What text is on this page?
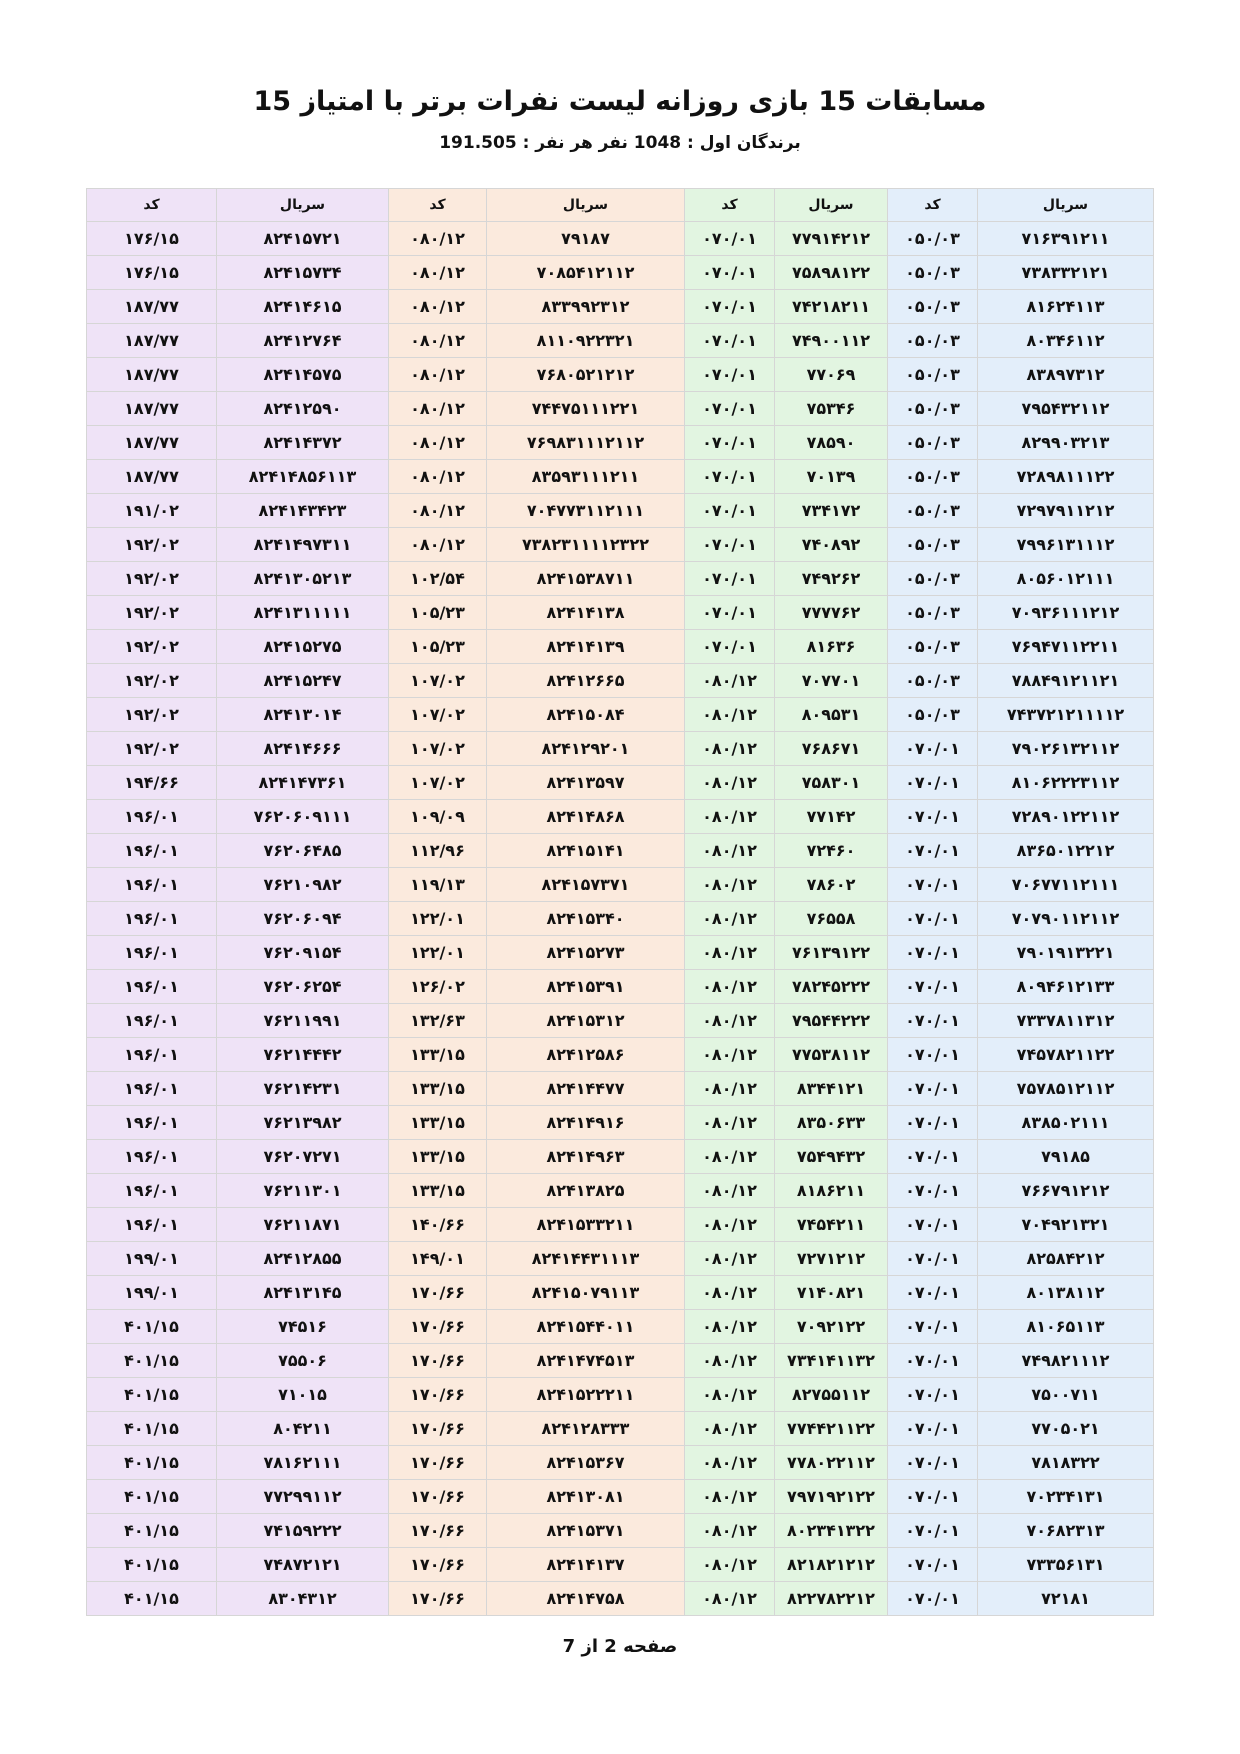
مسابقات 15 بازی روزانه لیست نفرات برتر با امتیاز 15
برندگان اول : 1048 نفر هر نفر : 191.505
سریال	کد	سریال	کد	سریال	کد	سریال	کد
۷۱۶۳۹۱۲۱۱	۰۵۰/۰۳	۷۷۹۱۴۲۱۲	۰۷۰/۰۱	۷۹۱۸۷	۰۸۰/۱۲	۸۲۴۱۵۷۲۱	۱۷۶/۱۵
۷۳۸۳۳۲۱۲۱	۰۵۰/۰۳	۷۵۸۹۸۱۲۲	۰۷۰/۰۱	۷۰۸۵۴۱۲۱۱۲	۰۸۰/۱۲	۸۲۴۱۵۷۳۴	۱۷۶/۱۵
۸۱۶۲۴۱۱۳	۰۵۰/۰۳	۷۴۲۱۸۲۱۱	۰۷۰/۰۱	۸۳۳۹۹۲۳۱۲	۰۸۰/۱۲	۸۲۴۱۴۶۱۵	۱۸۷/۷۷
۸۰۳۴۶۱۱۲	۰۵۰/۰۳	۷۴۹۰۰۱۱۲	۰۷۰/۰۱	۸۱۱۰۹۲۲۳۲۱	۰۸۰/۱۲	۸۲۴۱۲۷۶۴	۱۸۷/۷۷
۸۳۸۹۷۳۱۲	۰۵۰/۰۳	۷۷۰۶۹	۰۷۰/۰۱	۷۶۸۰۵۲۱۲۱۲	۰۸۰/۱۲	۸۲۴۱۴۵۷۵	۱۸۷/۷۷
۷۹۵۴۳۲۱۱۲	۰۵۰/۰۳	۷۵۳۴۶	۰۷۰/۰۱	۷۴۴۷۵۱۱۱۲۲۱	۰۸۰/۱۲	۸۲۴۱۲۵۹۰	۱۸۷/۷۷
۸۲۹۹۰۳۲۱۳	۰۵۰/۰۳	۷۸۵۹۰	۰۷۰/۰۱	۷۶۹۸۳۱۱۱۲۱۱۲	۰۸۰/۱۲	۸۲۴۱۴۳۷۲	۱۸۷/۷۷
۷۲۸۹۸۱۱۱۲۲	۰۵۰/۰۳	۷۰۱۳۹	۰۷۰/۰۱	۸۳۵۹۳۱۱۱۲۱۱	۰۸۰/۱۲	۸۲۴۱۴۸۵۶۱۱۳	۱۸۷/۷۷
۷۲۹۷۹۱۱۲۱۲	۰۵۰/۰۳	۷۳۴۱۷۲	۰۷۰/۰۱	۷۰۴۷۷۳۱۱۲۱۱۱	۰۸۰/۱۲	۸۲۴۱۴۳۴۲۳	۱۹۱/۰۲
۷۹۹۶۱۳۱۱۱۲	۰۵۰/۰۳	۷۴۰۸۹۲	۰۷۰/۰۱	۷۳۸۲۳۱۱۱۱۲۳۲۲	۰۸۰/۱۲	۸۲۴۱۴۹۷۳۱۱	۱۹۲/۰۲
۸۰۵۶۰۱۲۱۱۱	۰۵۰/۰۳	۷۴۹۲۶۲	۰۷۰/۰۱	۸۲۴۱۵۳۸۷۱۱	۱۰۲/۵۴	۸۲۴۱۳۰۵۲۱۳	۱۹۲/۰۲
۷۰۹۳۶۱۱۱۲۱۲	۰۵۰/۰۳	۷۷۷۷۶۲	۰۷۰/۰۱	۸۲۴۱۴۱۳۸	۱۰۵/۲۳	۸۲۴۱۳۱۱۱۱۱	۱۹۲/۰۲
۷۶۹۴۷۱۱۲۲۱۱	۰۵۰/۰۳	۸۱۶۳۶	۰۷۰/۰۱	۸۲۴۱۴۱۳۹	۱۰۵/۲۳	۸۲۴۱۵۲۷۵	۱۹۲/۰۲
۷۸۸۴۹۱۲۱۱۲۱	۰۵۰/۰۳	۷۰۷۷۰۱	۰۸۰/۱۲	۸۲۴۱۲۶۶۵	۱۰۷/۰۲	۸۲۴۱۵۲۴۷	۱۹۲/۰۲
۷۴۳۷۲۱۲۱۱۱۱۲	۰۵۰/۰۳	۸۰۹۵۳۱	۰۸۰/۱۲	۸۲۴۱۵۰۸۴	۱۰۷/۰۲	۸۲۴۱۳۰۱۴	۱۹۲/۰۲
۷۹۰۲۶۱۳۲۱۱۲	۰۷۰/۰۱	۷۶۸۶۷۱	۰۸۰/۱۲	۸۲۴۱۲۹۲۰۱	۱۰۷/۰۲	۸۲۴۱۴۶۶۶	۱۹۲/۰۲
۸۱۰۶۲۲۲۳۱۱۲	۰۷۰/۰۱	۷۵۸۳۰۱	۰۸۰/۱۲	۸۲۴۱۳۵۹۷	۱۰۷/۰۲	۸۲۴۱۴۷۳۶۱	۱۹۴/۶۶
۷۲۸۹۰۱۲۲۱۱۲	۰۷۰/۰۱	۷۷۱۴۲	۰۸۰/۱۲	۸۲۴۱۴۸۶۸	۱۰۹/۰۹	۷۶۲۰۶۰۹۱۱۱	۱۹۶/۰۱
۸۳۶۵۰۱۲۲۱۲	۰۷۰/۰۱	۷۲۴۶۰	۰۸۰/۱۲	۸۲۴۱۵۱۴۱	۱۱۲/۹۶	۷۶۲۰۶۴۸۵	۱۹۶/۰۱
۷۰۶۷۷۱۱۲۱۱۱	۰۷۰/۰۱	۷۸۶۰۲	۰۸۰/۱۲	۸۲۴۱۵۷۳۷۱	۱۱۹/۱۳	۷۶۲۱۰۹۸۲	۱۹۶/۰۱
۷۰۷۹۰۱۱۲۱۱۲	۰۷۰/۰۱	۷۶۵۵۸	۰۸۰/۱۲	۸۲۴۱۵۳۴۰	۱۲۲/۰۱	۷۶۲۰۶۰۹۴	۱۹۶/۰۱
۷۹۰۱۹۱۳۲۲۱	۰۷۰/۰۱	۷۶۱۳۹۱۲۲	۰۸۰/۱۲	۸۲۴۱۵۲۷۳	۱۲۲/۰۱	۷۶۲۰۹۱۵۴	۱۹۶/۰۱
۸۰۹۴۶۱۲۱۳۳	۰۷۰/۰۱	۷۸۲۴۵۲۲۲	۰۸۰/۱۲	۸۲۴۱۵۳۹۱	۱۲۶/۰۲	۷۶۲۰۶۲۵۴	۱۹۶/۰۱
۷۳۳۷۸۱۱۳۱۲	۰۷۰/۰۱	۷۹۵۴۴۲۲۲	۰۸۰/۱۲	۸۲۴۱۵۳۱۲	۱۳۲/۶۳	۷۶۲۱۱۹۹۱	۱۹۶/۰۱
۷۴۵۷۸۲۱۱۲۲	۰۷۰/۰۱	۷۷۵۳۸۱۱۲	۰۸۰/۱۲	۸۲۴۱۲۵۸۶	۱۳۳/۱۵	۷۶۲۱۴۴۴۲	۱۹۶/۰۱
۷۵۷۸۵۱۲۱۱۲	۰۷۰/۰۱	۸۳۴۴۱۲۱	۰۸۰/۱۲	۸۲۴۱۴۴۷۷	۱۳۳/۱۵	۷۶۲۱۴۲۳۱	۱۹۶/۰۱
۸۳۸۵۰۲۱۱۱	۰۷۰/۰۱	۸۳۵۰۶۳۳	۰۸۰/۱۲	۸۲۴۱۴۹۱۶	۱۳۳/۱۵	۷۶۲۱۳۹۸۲	۱۹۶/۰۱
۷۹۱۸۵	۰۷۰/۰۱	۷۵۴۹۴۳۲	۰۸۰/۱۲	۸۲۴۱۴۹۶۳	۱۳۳/۱۵	۷۶۲۰۷۲۷۱	۱۹۶/۰۱
۷۶۶۷۹۱۲۱۲	۰۷۰/۰۱	۸۱۸۶۲۱۱	۰۸۰/۱۲	۸۲۴۱۳۸۲۵	۱۳۳/۱۵	۷۶۲۱۱۳۰۱	۱۹۶/۰۱
۷۰۴۹۲۱۳۲۱	۰۷۰/۰۱	۷۴۵۴۲۱۱	۰۸۰/۱۲	۸۲۴۱۵۳۳۲۱۱	۱۴۰/۶۶	۷۶۲۱۱۸۷۱	۱۹۶/۰۱
۸۲۵۸۴۲۱۲	۰۷۰/۰۱	۷۲۷۱۲۱۲	۰۸۰/۱۲	۸۲۴۱۴۴۳۱۱۱۳	۱۴۹/۰۱	۸۲۴۱۲۸۵۵	۱۹۹/۰۱
۸۰۱۳۸۱۱۲	۰۷۰/۰۱	۷۱۴۰۸۲۱	۰۸۰/۱۲	۸۲۴۱۵۰۷۹۱۱۳	۱۷۰/۶۶	۸۲۴۱۳۱۴۵	۱۹۹/۰۱
۸۱۰۶۵۱۱۳	۰۷۰/۰۱	۷۰۹۲۱۲۲	۰۸۰/۱۲	۸۲۴۱۵۴۴۰۱۱	۱۷۰/۶۶	۷۴۵۱۶	۴۰۱/۱۵
۷۴۹۸۲۱۱۱۲	۰۷۰/۰۱	۷۳۴۱۴۱۱۳۲	۰۸۰/۱۲	۸۲۴۱۴۷۴۵۱۳	۱۷۰/۶۶	۷۵۵۰۶	۴۰۱/۱۵
۷۵۰۰۷۱۱	۰۷۰/۰۱	۸۲۷۵۵۱۱۲	۰۸۰/۱۲	۸۲۴۱۵۲۲۲۱۱	۱۷۰/۶۶	۷۱۰۱۵	۴۰۱/۱۵
۷۷۰۵۰۲۱	۰۷۰/۰۱	۷۷۴۴۲۱۱۲۲	۰۸۰/۱۲	۸۲۴۱۲۸۳۳۳	۱۷۰/۶۶	۸۰۴۲۱۱	۴۰۱/۱۵
۷۸۱۸۳۲۲	۰۷۰/۰۱	۷۷۸۰۲۲۱۱۲	۰۸۰/۱۲	۸۲۴۱۵۳۶۷	۱۷۰/۶۶	۷۸۱۶۲۱۱۱	۴۰۱/۱۵
۷۰۲۳۴۱۳۱	۰۷۰/۰۱	۷۹۷۱۹۲۱۲۲	۰۸۰/۱۲	۸۲۴۱۳۰۸۱	۱۷۰/۶۶	۷۷۲۹۹۱۱۲	۴۰۱/۱۵
۷۰۶۸۲۳۱۳	۰۷۰/۰۱	۸۰۲۳۴۱۳۲۲	۰۸۰/۱۲	۸۲۴۱۵۳۷۱	۱۷۰/۶۶	۷۴۱۵۹۲۲۲	۴۰۱/۱۵
۷۳۳۵۶۱۳۱	۰۷۰/۰۱	۸۲۱۸۲۱۲۱۲	۰۸۰/۱۲	۸۲۴۱۴۱۳۷	۱۷۰/۶۶	۷۴۸۷۲۱۲۱	۴۰۱/۱۵
۷۲۱۸۱	۰۷۰/۰۱	۸۲۲۷۸۲۲۱۲	۰۸۰/۱۲	۸۲۴۱۴۷۵۸	۱۷۰/۶۶	۸۳۰۴۳۱۲	۴۰۱/۱۵
صفحه 2 از 7
